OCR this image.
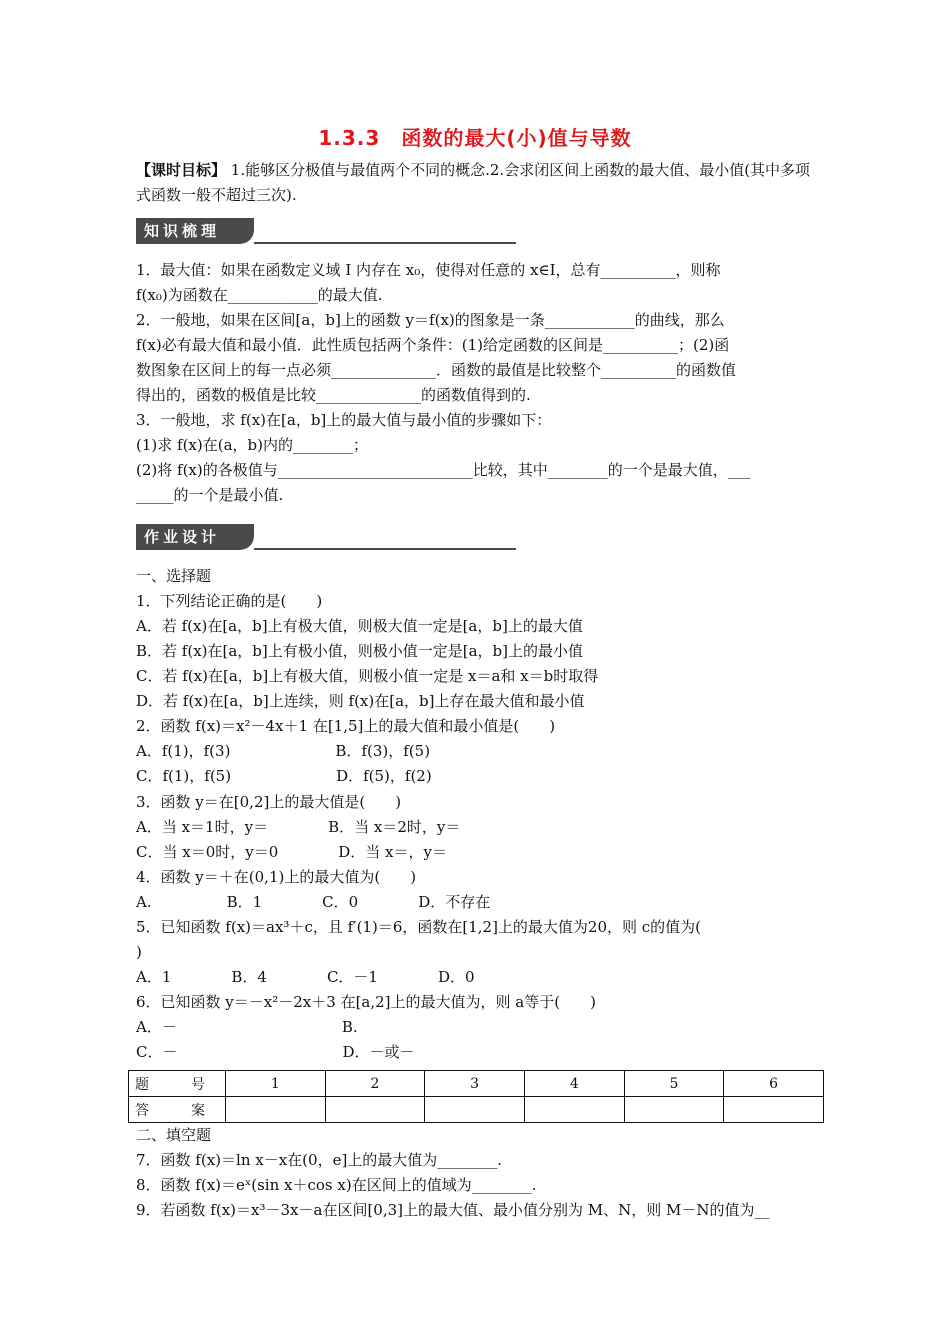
1.3.3　函数的最大(小)值与导数
【课时目标】 1.能够区分极值与最值两个不同的概念.2.会求闭区间上函数的最大值、最小值(其中多项式函数一般不超过三次).
知识梳理
1．最大值：如果在函数定义域 I 内存在 x₀，使得对任意的 x∈I，总有__________，则称
f(x₀)为函数在____________的最大值.
2．一般地，如果在区间[a，b]上的函数 y＝f(x)的图象是一条____________的曲线，那么
f(x)必有最大值和最小值．此性质包括两个条件：(1)给定函数的区间是__________；(2)函
数图象在区间上的每一点必须______________．函数的最值是比较整个__________的函数值
得出的，函数的极值是比较______________的函数值得到的.
3．一般地，求 f(x)在[a，b]上的最大值与最小值的步骤如下：
(1)求 f(x)在(a，b)内的________；
(2)将 f(x)的各极值与__________________________比较，其中________的一个是最大值，___
_____的一个是最小值.
作业设计
一、选择题
1．下列结论正确的是(　　)
A．若 f(x)在[a，b]上有极大值，则极大值一定是[a，b]上的最大值
B．若 f(x)在[a，b]上有极小值，则极小值一定是[a，b]上的最小值
C．若 f(x)在[a，b]上有极大值，则极小值一定是 x＝a和 x＝b时取得
D．若 f(x)在[a，b]上连续，则 f(x)在[a，b]上存在最大值和最小值
2．函数 f(x)＝x²－4x＋1 在[1,5]上的最大值和最小值是(　　)
A．f(1)，f(3)　　　　　　　B．f(3)，f(5)
C．f(1)，f(5)　　　　　　　D．f(5)，f(2)
3．函数 y＝在[0,2]上的最大值是(　　)
A．当 x＝1时，y＝　　　　B．当 x＝2时，y＝
C．当 x＝0时，y＝0　　　　D．当 x＝，y＝
4．函数 y＝＋在(0,1)上的最大值为(　　)
A.　　　　　B．1　　　　C．0　　　　D．不存在
5．已知函数 f(x)＝ax³＋c，且 f′(1)＝6，函数在[1,2]上的最大值为20，则 c的值为(
)
A．1　　　　B．4　　　　C．－1　　　　D．0
6．已知函数 y＝－x²－2x＋3 在[a,2]上的最大值为，则 a等于(　　)
A．－　　　　　　　　　　　B.
C．－　　　　　　　　　　　D．－或－
题　号	1	2	3	4	5	6
答　案						
二、填空题
7．函数 f(x)＝ln x－x在(0，e]上的最大值为________.
8．函数 f(x)＝eˣ(sin x＋cos x)在区间上的值域为________.
9．若函数 f(x)＝x³－3x－a在区间[0,3]上的最大值、最小值分别为 M、N，则 M－N的值为__
